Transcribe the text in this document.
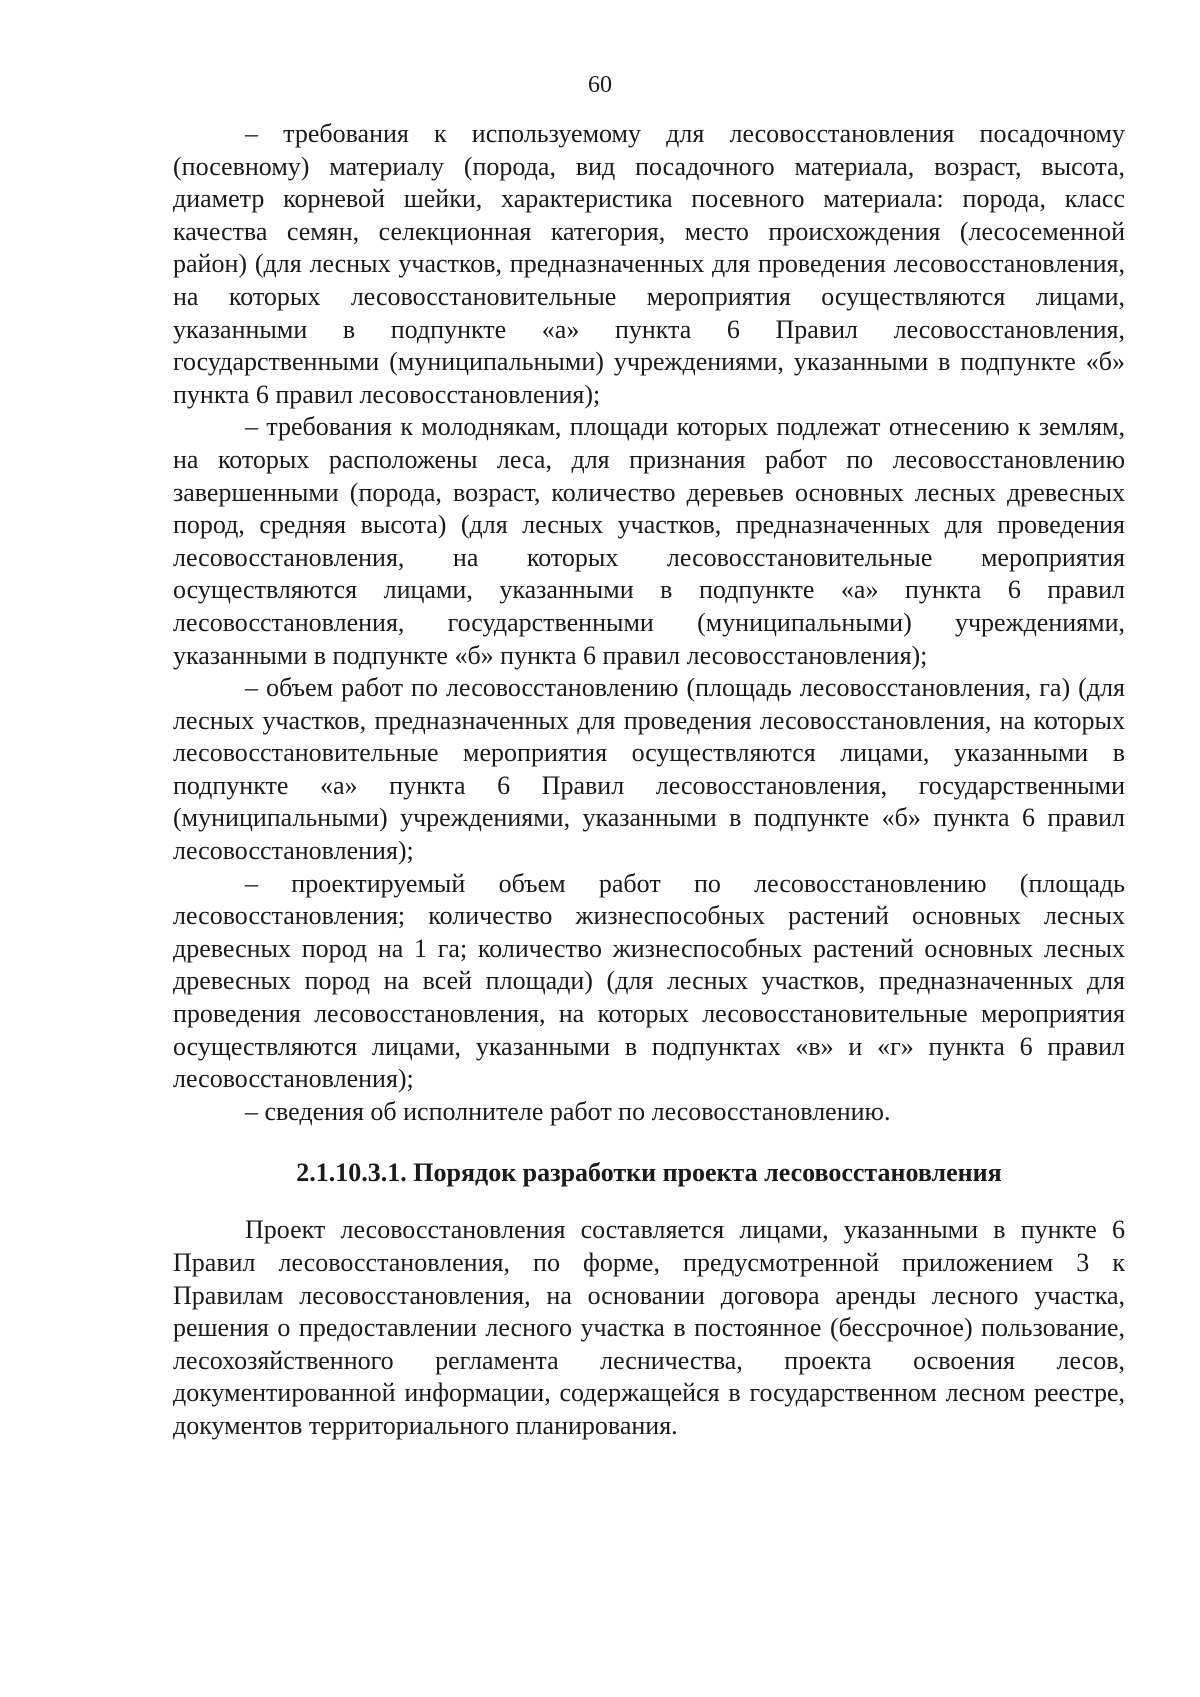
60

– требования к используемому для лесовосстановления посадочному (посевному) материалу (порода, вид посадочного материала, возраст, высота, диаметр корневой шейки, характеристика посевного материала: порода, класс качества семян, селекционная категория, место происхождения (лесосеменной район) (для лесных участков, предназначенных для проведения лесовосстановления, на которых лесовосстановительные мероприятия осуществляются лицами, указанными в подпункте «а» пункта 6 Правил лесовосстановления, государственными (муниципальными) учреждениями, указанными в подпункте «б» пункта 6 правил лесовосстановления);

– требования к молоднякам, площади которых подлежат отнесению к землям, на которых расположены леса, для признания работ по лесовосстановлению завершенными (порода, возраст, количество деревьев основных лесных древесных пород, средняя высота) (для лесных участков, предназначенных для проведения лесовосстановления, на которых лесовосстановительные мероприятия осуществляются лицами, указанными в подпункте «а» пункта 6 правил лесовосстановления, государственными (муниципальными) учреждениями, указанными в подпункте «б» пункта 6 правил лесовосстановления);

– объем работ по лесовосстановлению (площадь лесовосстановления, га) (для лесных участков, предназначенных для проведения лесовосстановления, на которых лесовосстановительные мероприятия осуществляются лицами, указанными в подпункте «а» пункта 6 Правил лесовосстановления, государственными (муниципальными) учреждениями, указанными в подпункте «б» пункта 6 правил лесовосстановления);

– проектируемый объем работ по лесовосстановлению (площадь лесовосстановления; количество жизнеспособных растений основных лесных древесных пород на 1 га; количество жизнеспособных растений основных лесных древесных пород на всей площади) (для лесных участков, предназначенных для проведения лесовосстановления, на которых лесовосстановительные мероприятия осуществляются лицами, указанными в подпунктах «в» и «г» пункта 6 правил лесовосстановления);

– сведения об исполнителе работ по лесовосстановлению.

2.1.10.3.1. Порядок разработки проекта лесовосстановления

Проект лесовосстановления составляется лицами, указанными в пункте 6 Правил лесовосстановления, по форме, предусмотренной приложением 3 к Правилам лесовосстановления, на основании договора аренды лесного участка, решения о предоставлении лесного участка в постоянное (бессрочное) пользование, лесохозяйственного регламента лесничества, проекта освоения лесов, документированной информации, содержащейся в государственном лесном реестре, документов территориального планирования.
